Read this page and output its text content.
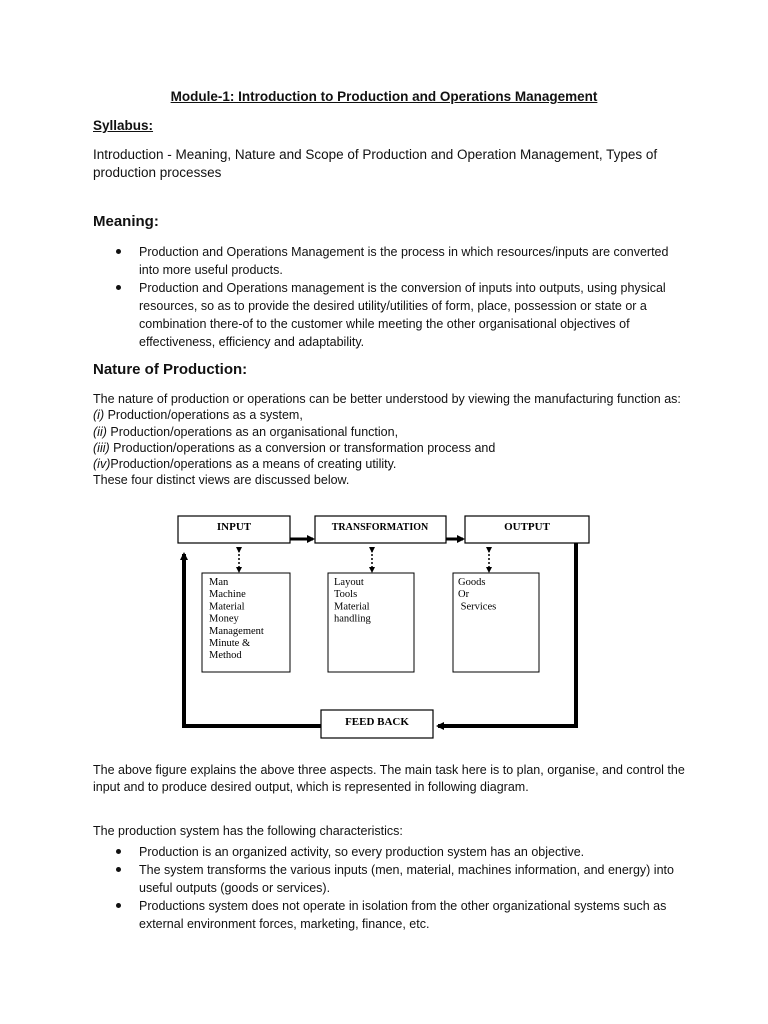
Module-1: Introduction to Production and Operations Management
Syllabus:
Introduction - Meaning, Nature and Scope of Production and Operation Management, Types of production processes
Meaning:
Production and Operations Management is the process in which resources/inputs are converted into more useful products.
Production and Operations management is the conversion of inputs into outputs, using physical resources, so as to provide the desired utility/utilities of form, place, possession or state or a combination there-of to the customer while meeting the other organisational objectives of effectiveness, efficiency and adaptability.
Nature of Production:
The nature of production or operations can be better understood by viewing the manufacturing function as:
(i) Production/operations as a system,
(ii) Production/operations as an organisational function,
(iii) Production/operations as a conversion or transformation process and
(iv)Production/operations as a means of creating utility.
These four distinct views are discussed below.
INPUT	TRANSFORMATION	OUTPUT
Man Machine Material Money Management Minute & Method
Layout Tools Material handling
Goods Or  Services
FEED BACK
The above figure explains the above three aspects. The main task here is to plan, organise, and control the input and to produce desired output, which is represented in following diagram.
The production system has the following characteristics:
Production is an organized activity, so every production system has an objective.
The system transforms the various inputs (men, material, machines information, and energy) into useful outputs (goods or services).
Productions system does not operate in isolation from the other organizational systems such as external environment forces, marketing, finance, etc.
